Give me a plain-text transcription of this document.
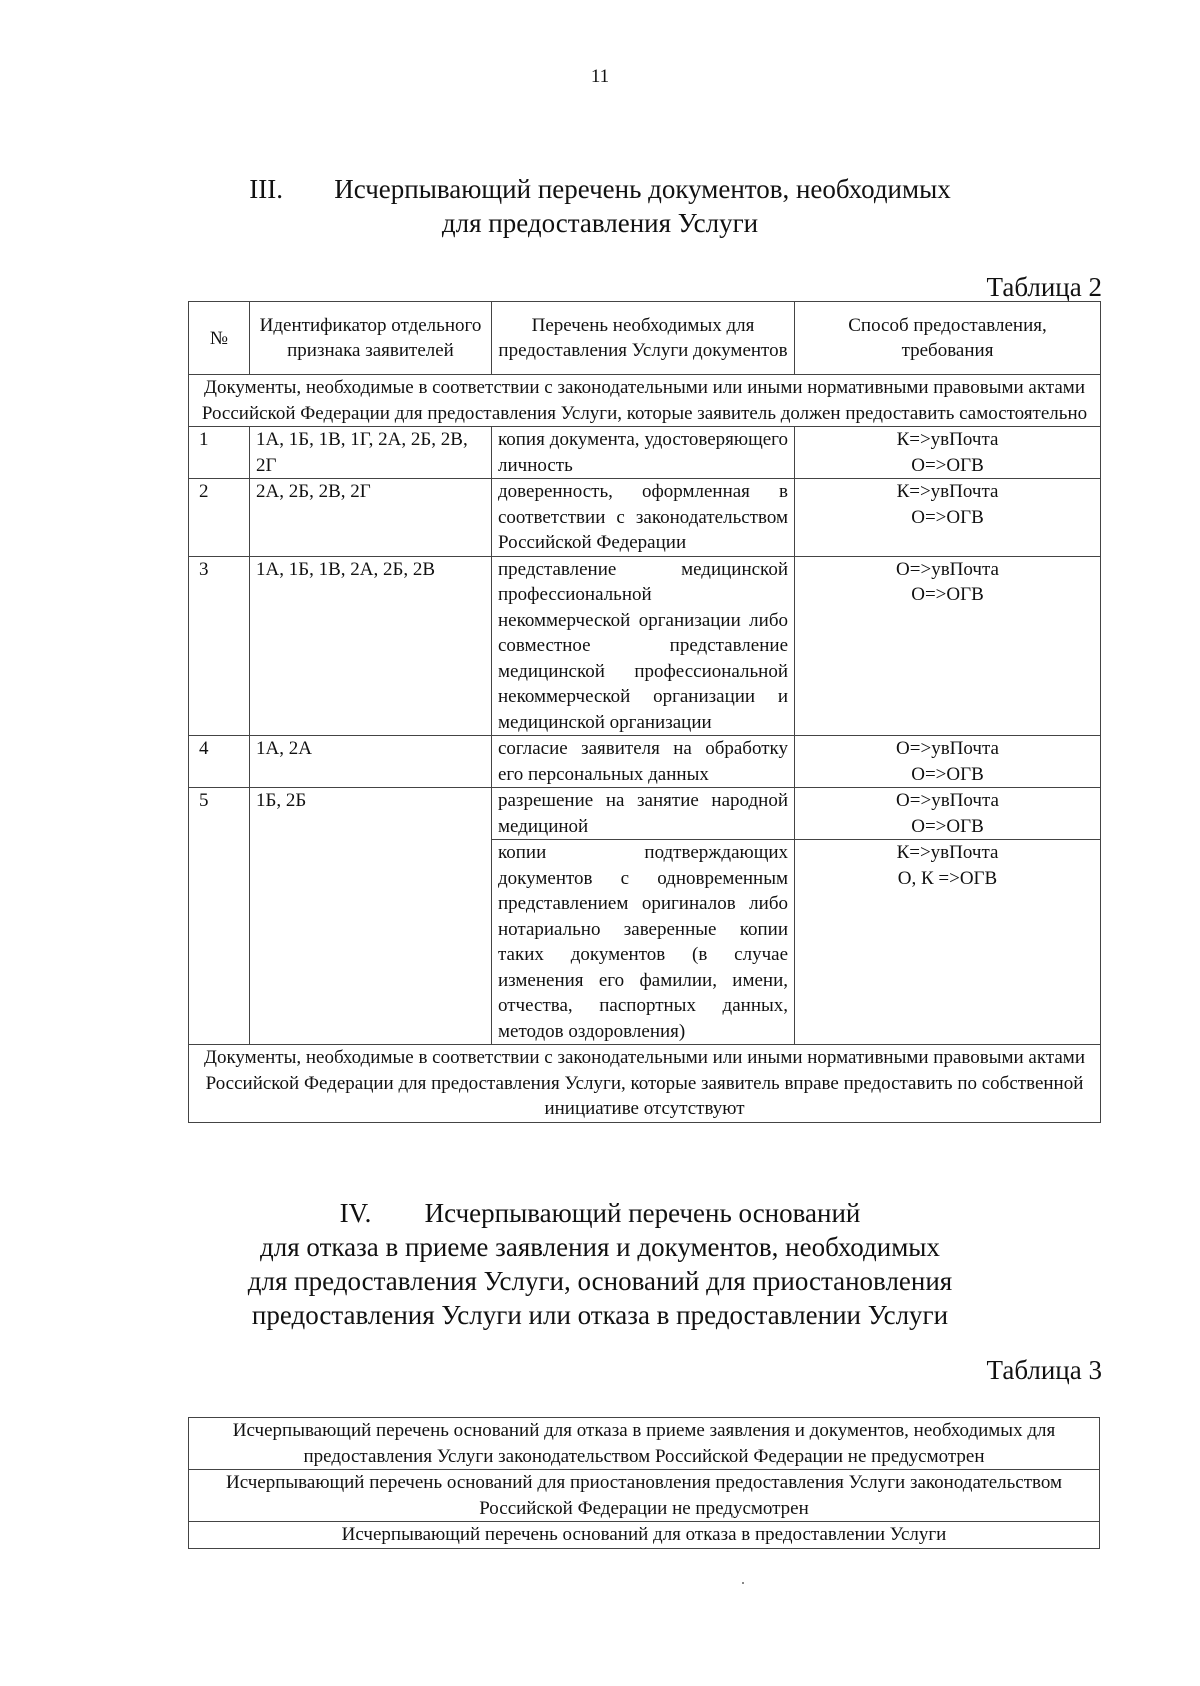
11
III. Исчерпывающий перечень документов, необходимых
для предоставления Услуги
Таблица 2
№	Идентификатор отдельного признака заявителей	Перечень необходимых для предоставления Услуги документов	Способ предоставления, требования
Документы, необходимые в соответствии с законодательными или иными нормативными правовыми актами Российской Федерации для предоставления Услуги, которые заявитель должен предоставить самостоятельно			
1	1А, 1Б, 1В, 1Г, 2А, 2Б, 2В, 2Г	копия документа, удостоверяющего личность	К=>увПочта
О=>ОГВ

2	2А, 2Б, 2В, 2Г	доверенность, оформленная в соответствии с законодательством Российской Федерации	К=>увПочта
О=>ОГВ

3	1А, 1Б, 1В, 2А, 2Б, 2В	представление медицинской профессиональной некоммерческой организации либо совместное представление медицинской профессиональной некоммерческой организации и медицинской организации	О=>увПочта
О=>ОГВ

4	1А, 2А	согласие заявителя на обработку его персональных данных	О=>увПочта
О=>ОГВ

5	1Б, 2Б	разрешение на занятие народной медициной	О=>увПочта
О=>ОГВ

		копии подтверждающих документов с одновременным представлением оригиналов либо нотариально заверенные копии таких документов (в случае изменения его фамилии, имени, отчества, паспортных данных, методов оздоровления)	К=>увПочта
О, К =>ОГВ

Документы, необходимые в соответствии с законодательными или иными нормативными правовыми актами Российской Федерации для предоставления Услуги, которые заявитель вправе предоставить по собственной инициативе отсутствуют			
IV. Исчерпывающий перечень оснований
для отказа в приеме заявления и документов, необходимых
для предоставления Услуги, оснований для приостановления
предоставления Услуги или отказа в предоставлении Услуги
Таблица 3
Исчерпывающий перечень оснований для отказа в приеме заявления и документов, необходимых для предоставления Услуги законодательством Российской Федерации не предусмотрен
Исчерпывающий перечень оснований для приостановления предоставления Услуги законодательством Российской Федерации не предусмотрен
Исчерпывающий перечень оснований для отказа в предоставлении Услуги
